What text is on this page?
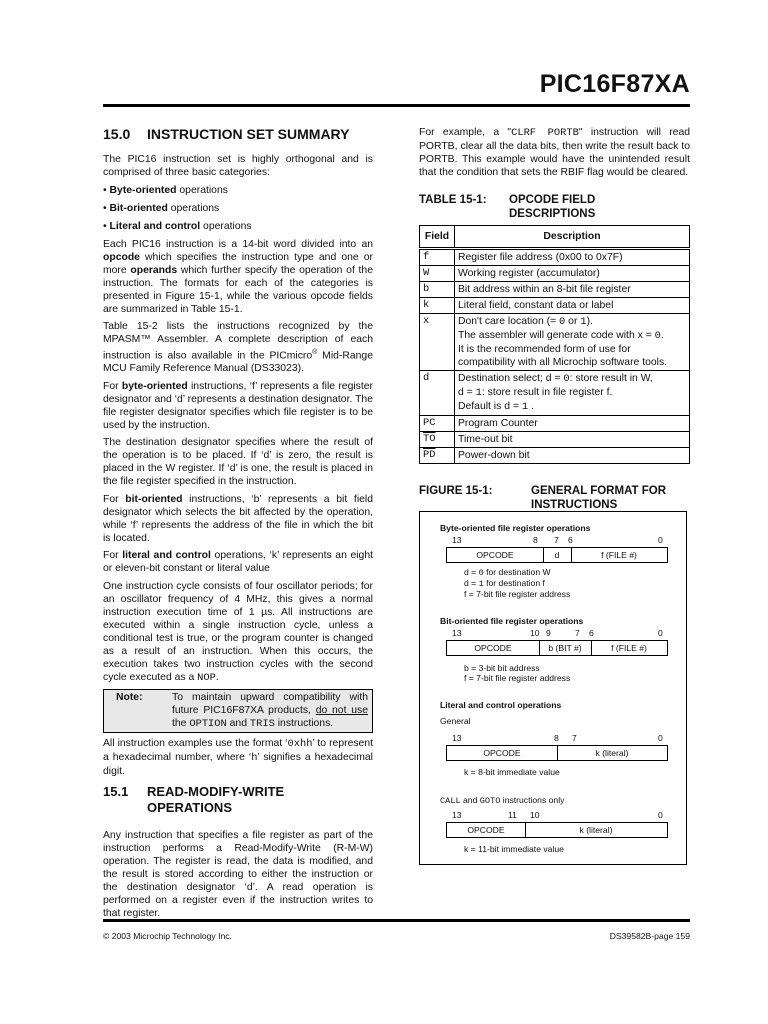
PIC16F87XA
15.0	INSTRUCTION SET SUMMARY

The PIC16 instruction set is highly orthogonal and is comprised of three basic categories:

• Byte-oriented operations
• Bit-oriented operations
• Literal and control operations

Each PIC16 instruction is a 14-bit word divided into an opcode which specifies the instruction type and one or more operands which further specify the operation of the instruction. The formats for each of the categories is presented in Figure 15-1, while the various opcode fields are summarized in Table 15-1.

Table 15-2 lists the instructions recognized by the MPASM™ Assembler. A complete description of each instruction is also available in the PICmicro® Mid-Range MCU Family Reference Manual (DS33023).

For byte-oriented instructions, ‘f’ represents a file register designator and ‘d’ represents a destination designator. The file register designator specifies which file register is to be used by the instruction.

The destination designator specifies where the result of the operation is to be placed. If ‘d’ is zero, the result is placed in the W register. If ‘d’ is one, the result is placed in the file register specified in the instruction.

For bit-oriented instructions, ‘b’ represents a bit field designator which selects the bit affected by the operation, while ‘f’ represents the address of the file in which the bit is located.

For literal and control operations, ‘k’ represents an eight or eleven-bit constant or literal value

One instruction cycle consists of four oscillator periods; for an oscillator frequency of 4 MHz, this gives a normal instruction execution time of 1 µs. All instructions are executed within a single instruction cycle, unless a conditional test is true, or the program counter is changed as a result of an instruction. When this occurs, the execution takes two instruction cycles with the second cycle executed as a NOP.

Note:	To maintain upward compatibility with future PIC16F87XA products, do not use the OPTION and TRIS instructions.

All instruction examples use the format ‘0xhh’ to represent a hexadecimal number, where ‘h’ signifies a hexadecimal digit.

15.1	READ-MODIFY-WRITE
OPERATIONS

Any instruction that specifies a file register as part of the instruction performs a Read-Modify-Write (R-M-W) operation. The register is read, the data is modified, and the result is stored according to either the instruction or the destination designator ‘d’. A read operation is performed on a register even if the instruction writes to that register.

For example, a "CLRF PORTB" instruction will read PORTB, clear all the data bits, then write the result back to PORTB. This example would have the unintended result that the condition that sets the RBIF flag would be cleared.

TABLE 15-1:	OPCODE FIELD
DESCRIPTIONS
Field	Description
f	Register file address (0x00 to 0x7F)
W	Working register (accumulator)
b	Bit address within an 8-bit file register
k	Literal field, constant data or label
x	Don't care location (= 0 or 1).
The assembler will generate code with x = 0.
It is the recommended form of use for compatibility with all Microchip software tools.
d	Destination select; d = 0: store result in W,
d = 1: store result in file register f.
Default is d = 1 .
PC	Program Counter
$\overline{TO}$	Time-out bit
$\overline{PD}$	Power-down bit
FIGURE 15-1:	GENERAL FORMAT FOR
INSTRUCTIONS
Byte-oriented file register operations
13	8 7 6	0
OPCODE	d	f (FILE #)
d = 0 for destination W
d = 1 for destination f
f = 7-bit file register address
Bit-oriented file register operations
13	10 9	7 6	0
OPCODE	b (BIT #)	f (FILE #)
b = 3-bit bit address
f = 7-bit file register address
Literal and control operations
General
13	8 7	0
OPCODE	k (literal)
k = 8-bit immediate value
CALL and GOTO instructions only
13	11 10	0
OPCODE	k (literal)
k = 11-bit immediate value
© 2003 Microchip Technology Inc.	DS39582B-page 159
